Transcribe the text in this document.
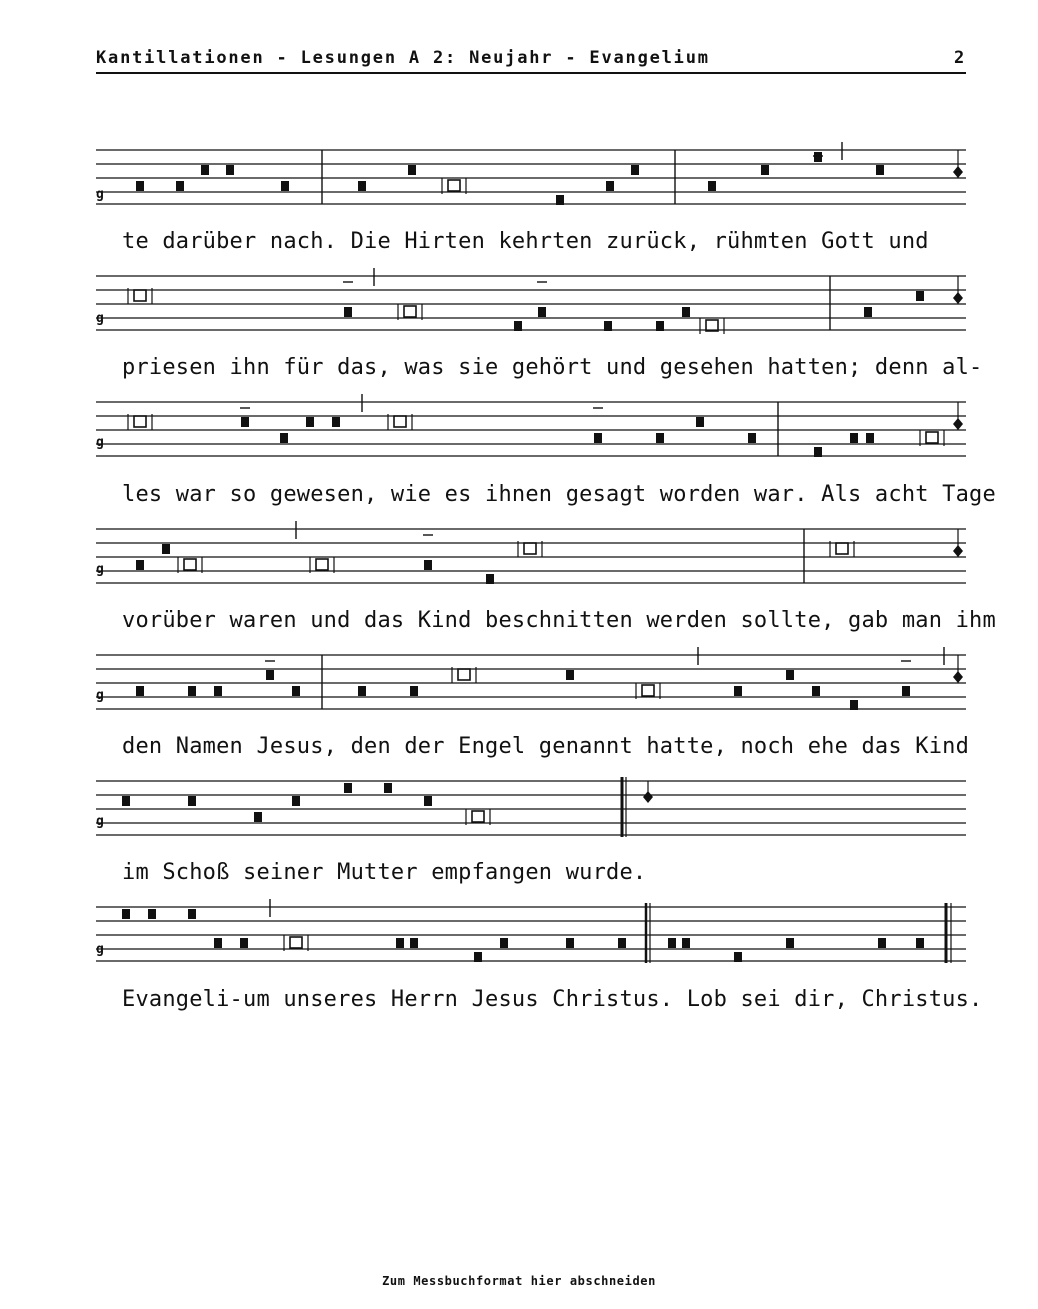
Kantillationen - Lesungen A 2: Neujahr - Evangelium	2
g
te darüber nach. Die Hirten kehrten zurück, rühmten Gott und
g
priesen ihn für das, was sie gehört und gesehen hatten; denn al-
g
les war so gewesen, wie es ihnen gesagt worden war. Als acht Tage
g
vorüber waren und das Kind beschnitten werden sollte, gab man ihm
g
den Namen Jesus, den der Engel genannt hatte, noch ehe das Kind
g
im Schoß seiner Mutter empfangen wurde.
g
Evangeli-um unseres Herrn Jesus Christus. Lob sei dir, Christus.
Zum Messbuchformat hier abschneiden
